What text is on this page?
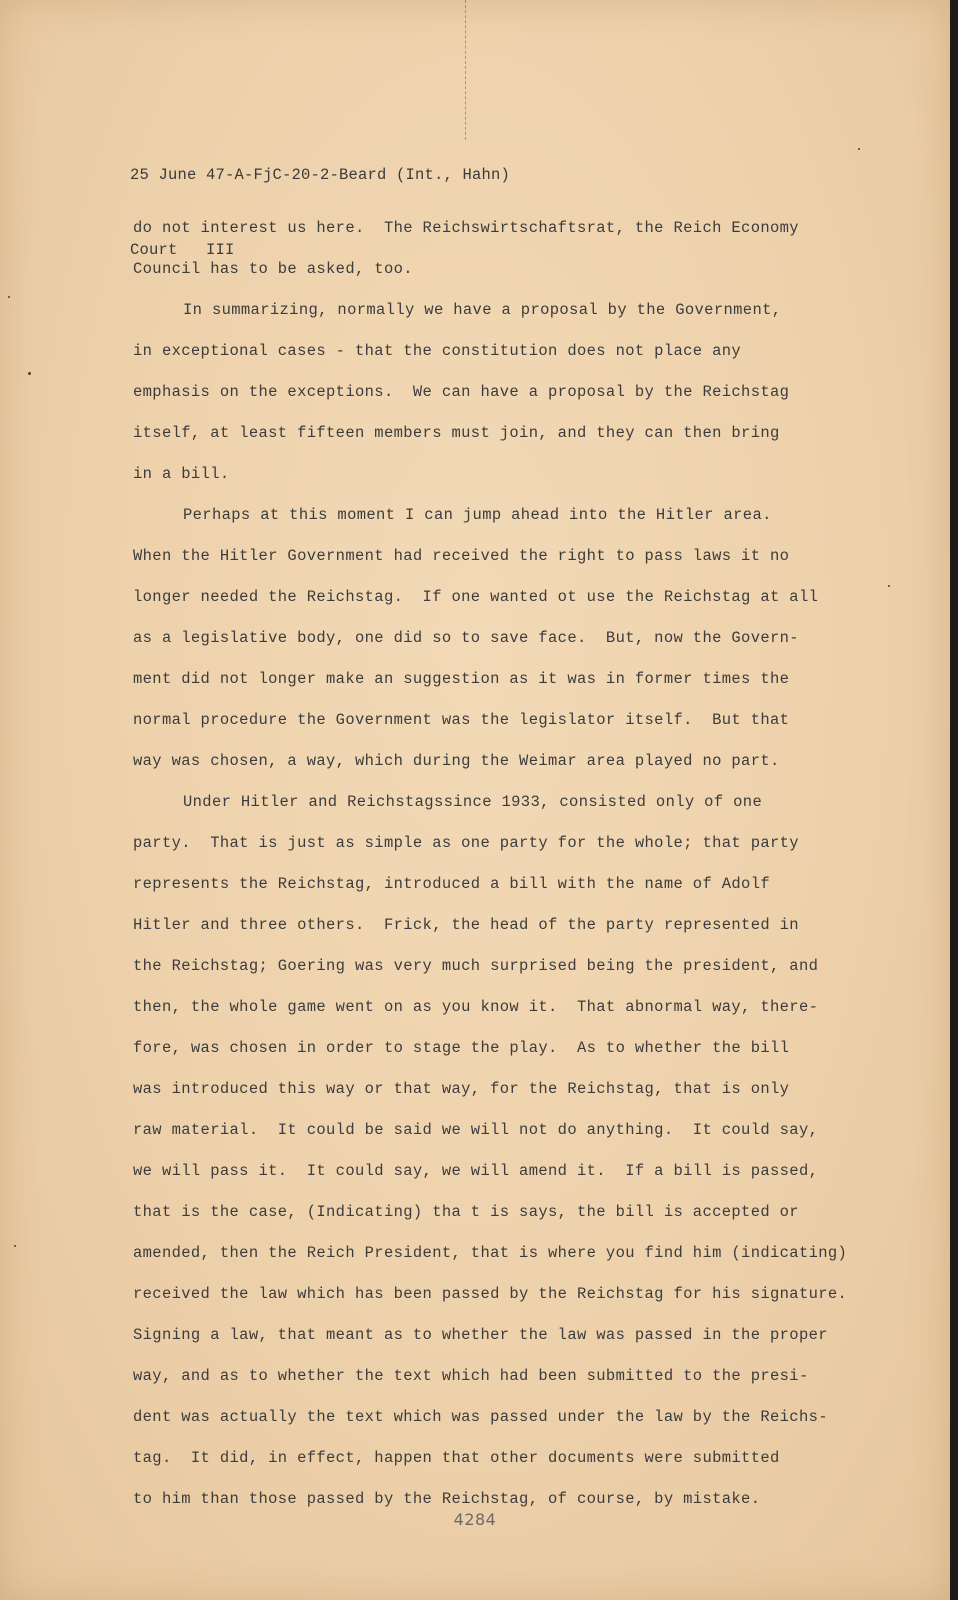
25 June 47-A-FjC-20-2-Beard (Int., Hahn)

Court   III

do not interest us here.  The Reichswirtschaftsrat, the Reich Economy
Council has to be asked, too.
In summarizing, normally we have a proposal by the Government,
in exceptional cases - that the constitution does not place any
emphasis on the exceptions.  We can have a proposal by the Reichstag
itself, at least fifteen members must join, and they can then bring
in a bill.
Perhaps at this moment I can jump ahead into the Hitler area.
When the Hitler Government had received the right to pass laws it no
longer needed the Reichstag.  If one wanted ot use the Reichstag at all
as a legislative body, one did so to save face.  But, now the Govern-
ment did not longer make an suggestion as it was in former times the
normal procedure the Government was the legislator itself.  But that
way was chosen, a way, which during the Weimar area played no part.
Under Hitler and Reichstagssince 1933, consisted only of one
party.  That is just as simple as one party for the whole; that party
represents the Reichstag, introduced a bill with the name of Adolf
Hitler and three others.  Frick, the head of the party represented in
the Reichstag; Goering was very much surprised being the president, and
then, the whole game went on as you know it.  That abnormal way, there-
fore, was chosen in order to stage the play.  As to whether the bill
was introduced this way or that way, for the Reichstag, that is only
raw material.  It could be said we will not do anything.  It could say,
we will pass it.  It could say, we will amend it.  If a bill is passed,
that is the case, (Indicating) tha t is says, the bill is accepted or
amended, then the Reich President, that is where you find him (indicating)
received the law which has been passed by the Reichstag for his signature.
Signing a law, that meant as to whether the law was passed in the proper
way, and as to whether the text which had been submitted to the presi-
dent was actually the text which was passed under the law by the Reichs-
tag.  It did, in effect, happen that other documents were submitted
to him than those passed by the Reichstag, of course, by mistake.
4284
